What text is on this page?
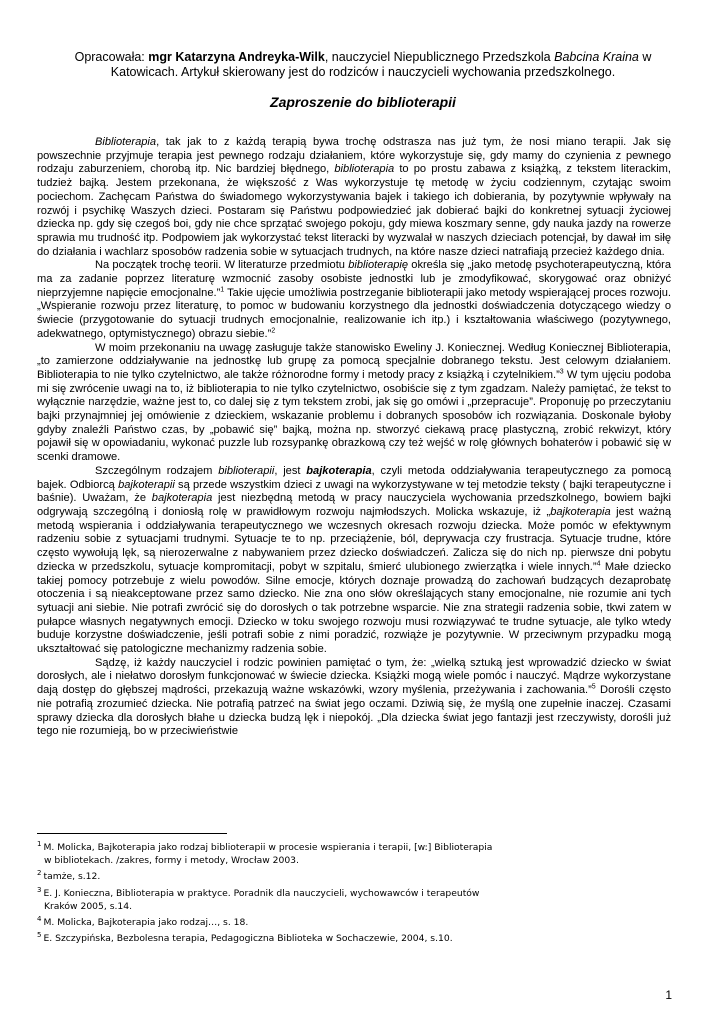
Opracowała: mgr Katarzyna Andreyka-Wilk, nauczyciel Niepublicznego Przedszkola Babcina Kraina w Katowicach. Artykuł skierowany jest do rodziców i nauczycieli wychowania przedszkolnego.
Zaproszenie do biblioterapii

Biblioterapia, tak jak to z każdą terapią bywa trochę odstrasza nas już tym, że nosi miano terapii. Jak się powszechnie przyjmuje terapia jest pewnego rodzaju działaniem, które wykorzystuje się, gdy mamy do czynienia z pewnego rodzaju zaburzeniem, chorobą itp. Nic bardziej błędnego, biblioterapia to po prostu zabawa z książką, z tekstem literackim, tudzież bajką. Jestem przekonana, że większość z Was wykorzystuje tę metodę w życiu codziennym, czytając swoim pociechom. Zachęcam Państwa do świadomego wykorzystywania bajek i takiego ich dobierania, by pozytywnie wpływały na rozwój i psychikę Waszych dzieci. Postaram się Państwu podpowiedzieć jak dobierać bajki do konkretnej sytuacji życiowej dziecka np. gdy się czegoś boi, gdy nie chce sprzątać swojego pokoju, gdy miewa koszmary senne, gdy nauka jazdy na rowerze sprawia mu trudność itp. Podpowiem jak wykorzystać tekst literacki by wyzwalał w naszych dzieciach potencjał, by dawał im siłę do działania i wachlarz sposobów radzenia sobie w sytuacjach trudnych, na które nasze dzieci natrafiają przecież każdego dnia.

Na początek trochę teorii. W literaturze przedmiotu biblioterapię określa się „jako metodę psychoterapeutyczną, która ma za zadanie poprzez literaturę wzmocnić zasoby osobiste jednostki lub je zmodyfikować, skorygować oraz obniżyć nieprzyjemne napięcie emocjonalne.”$^1$ Takie ujęcie umożliwia postrzeganie biblioterapii jako metody wspierającej proces rozwoju. „Wspieranie rozwoju przez literaturę, to pomoc w budowaniu korzystnego dla jednostki doświadczenia dotyczącego wiedzy o świecie (przygotowanie do sytuacji trudnych emocjonalnie, realizowanie ich itp.) i kształtowania właściwego (pozytywnego, adekwatnego, optymistycznego) obrazu siebie.”$^2$

W moim przekonaniu na uwagę zasługuje także stanowisko Eweliny J. Koniecznej. Według Koniecznej Biblioterapia, „to zamierzone oddziaływanie na jednostkę lub grupę za pomocą specjalnie dobranego tekstu. Jest celowym działaniem. Biblioterapia to nie tylko czytelnictwo, ale także różnorodne formy i metody pracy z książką i czytelnikiem.”$^3$ W tym ujęciu podoba mi się zwrócenie uwagi na to, iż biblioterapia to nie tylko czytelnictwo, osobiście się z tym zgadzam. Należy pamiętać, że tekst to wyłącznie narzędzie, ważne jest to, co dalej się z tym tekstem zrobi, jak się go omówi i „przepracuje”. Proponuję po przeczytaniu bajki przynajmniej jej omówienie z dzieckiem, wskazanie problemu i dobranych sposobów ich rozwiązania. Doskonale byłoby gdyby znaleźli Państwo czas, by „pobawić się” bajką, można np. stworzyć ciekawą pracę plastyczną, zrobić rekwizyt, który pojawił się w opowiadaniu, wykonać puzzle lub rozsypankę obrazkową czy też wejść w rolę głównych bohaterów i pobawić się w scenki dramowe.

Szczególnym rodzajem biblioterapii, jest bajkoterapia, czyli metoda oddziaływania terapeutycznego za pomocą bajek. Odbiorcą bajkoterapii są przede wszystkim dzieci z uwagi na wykorzystywane w tej metodzie teksty ( bajki terapeutyczne i baśnie). Uważam, że bajkoterapia jest niezbędną metodą w pracy nauczyciela wychowania przedszkolnego, bowiem bajki odgrywają szczególną i doniosłą rolę w prawidłowym rozwoju najmłodszych. Molicka wskazuje, iż „bajkoterapia jest ważną metodą wspierania i oddziaływania terapeutycznego we wczesnych okresach rozwoju dziecka. Może pomóc w efektywnym radzeniu sobie z sytuacjami trudnymi. Sytuacje te to np. przeciążenie, ból, deprywacja czy frustracja. Sytuacje trudne, które często wywołują lęk, są nierozerwalne z nabywaniem przez dziecko doświadczeń. Zalicza się do nich np. pierwsze dni pobytu dziecka w przedszkolu, sytuacje kompromitacji, pobyt w szpitalu, śmierć ulubionego zwierzątka i wiele innych.”$^4$ Małe dziecko takiej pomocy potrzebuje z wielu powodów. Silne emocje, których doznaje prowadzą do zachowań budzących dezaprobatę otoczenia i są nieakceptowane przez samo dziecko. Nie zna ono słów określających stany emocjonalne, nie rozumie ani tych sytuacji ani siebie. Nie potrafi zwrócić się do dorosłych o tak potrzebne wsparcie. Nie zna strategii radzenia sobie, tkwi zatem w pułapce własnych negatywnych emocji. Dziecko w toku swojego rozwoju musi rozwiązywać te trudne sytuacje, ale tylko wtedy buduje korzystne doświadczenie, jeśli potrafi sobie z nimi poradzić, rozwiąże je pozytywnie. W przeciwnym przypadku mogą ukształtować się patologiczne mechanizmy radzenia sobie.

Sądzę, iż każdy nauczyciel i rodzic powinien pamiętać o tym, że: „wielką sztuką jest wprowadzić dziecko w świat dorosłych, ale i niełatwo dorosłym funkcjonować w świecie dziecka. Książki mogą wiele pomóc i nauczyć. Mądrze wykorzystane dają dostęp do głębszej mądrości, przekazują ważne wskazówki, wzory myślenia, przeżywania i zachowania.”$^5$ Dorośli często nie potrafią zrozumieć dziecka. Nie potrafią patrzeć na świat jego oczami. Dziwią się, że myślą one zupełnie inaczej. Czasami sprawy dziecka dla dorosłych błahe u dziecka budzą lęk i niepokój. „Dla dziecka świat jego fantazji jest rzeczywisty, dorośli już tego nie rozumieją, bo w przeciwieństwie

$^1$ M. Molicka, Bajkoterapia jako rodzaj biblioterapii w procesie wspierania i terapii, [w:] Biblioterapia
w bibliotekach. /zakres, formy i metody, Wrocław 2003.
$^2$ tamże, s.12.
$^3$ E. J. Konieczna, Biblioterapia w praktyce. Poradnik dla nauczycieli, wychowawców i terapeutów
Kraków 2005, s.14.
$^4$ M. Molicka, Bajkoterapia jako rodzaj…, s. 18.
$^5$ E. Szczypińska, Bezbolesna terapia, Pedagogiczna Biblioteka w Sochaczewie, 2004, s.10.
1
